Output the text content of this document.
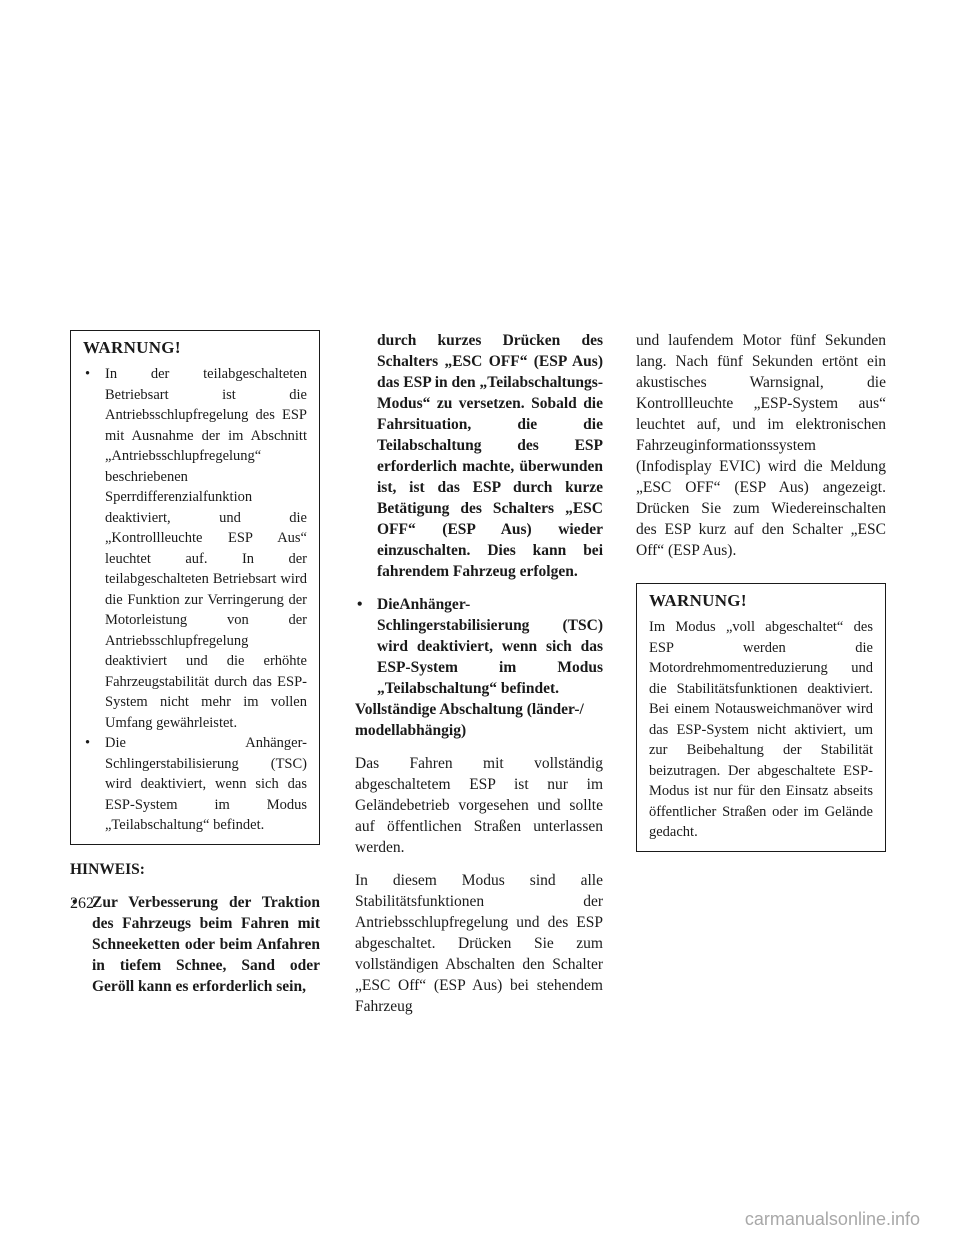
WARNUNG!
• In der teilabgeschalteten Betriebsart ist die Antriebsschlupfregelung des ESP mit Ausnahme der im Abschnitt „Antriebsschlupfregelung“ beschriebenen Sperrdifferenzialfunktion deaktiviert, und die „Kontrollleuchte ESP Aus“ leuchtet auf. In der teilabgeschalteten Betriebsart wird die Funktion zur Verringerung der Motorleistung von der Antriebsschlupfregelung deaktiviert und die erhöhte Fahrzeugstabilität durch das ESP-System nicht mehr im vollen Umfang gewährleistet.
• Die Anhänger-Schlingerstabilisierung (TSC) wird deaktiviert, wenn sich das ESP-System im Modus „Teilabschaltung“ befindet.
HINWEIS:
• Zur Verbesserung der Traktion des Fahrzeugs beim Fahren mit Schneeketten oder beim Anfahren in tiefem Schnee, Sand oder Geröll kann es erforderlich sein,
durch kurzes Drücken des Schalters „ESC OFF“ (ESP Aus) das ESP in den „Teilabschaltungs-Modus“ zu versetzen. Sobald die Fahrsituation, die die Teilabschaltung des ESP erforderlich machte, überwunden ist, ist das ESP durch kurze Betätigung des Schalters „ESC OFF“ (ESP Aus) wieder einzuschalten. Dies kann bei fahrendem Fahrzeug erfolgen.
• DieAnhänger-Schlingerstabilisierung (TSC) wird deaktiviert, wenn sich das ESP-System im Modus „Teilabschaltung“ befindet.
Vollständige Abschaltung (länder-/ modellabhängig)

Das Fahren mit vollständig abgeschaltetem ESP ist nur im Geländebetrieb vorgesehen und sollte auf öffentlichen Straßen unterlassen werden.

In diesem Modus sind alle Stabilitätsfunktionen der Antriebsschlupfregelung und des ESP abgeschaltet. Drücken Sie zum vollständigen Abschalten den Schalter „ESC Off“ (ESP Aus) bei stehendem Fahrzeug

und laufendem Motor fünf Sekunden lang. Nach fünf Sekunden ertönt ein akustisches Warnsignal, die Kontrollleuchte „ESP-System aus“ leuchtet auf, und im elektronischen Fahrzeuginformationssystem (Infodisplay EVIC) wird die Meldung „ESC OFF“ (ESP Aus) angezeigt. Drücken Sie zum Wiedereinschalten des ESP kurz auf den Schalter „ESC Off“ (ESP Aus).

WARNUNG!

Im Modus „voll abgeschaltet“ des ESP werden die Motordrehmomentreduzierung und die Stabilitätsfunktionen deaktiviert. Bei einem Notausweichmanöver wird das ESP-System nicht aktiviert, um zur Beibehaltung der Stabilität beizutragen. Der abgeschaltete ESP-Modus ist nur für den Einsatz abseits öffentlicher Straßen oder im Gelände gedacht.

262
carmanualsonline.info
